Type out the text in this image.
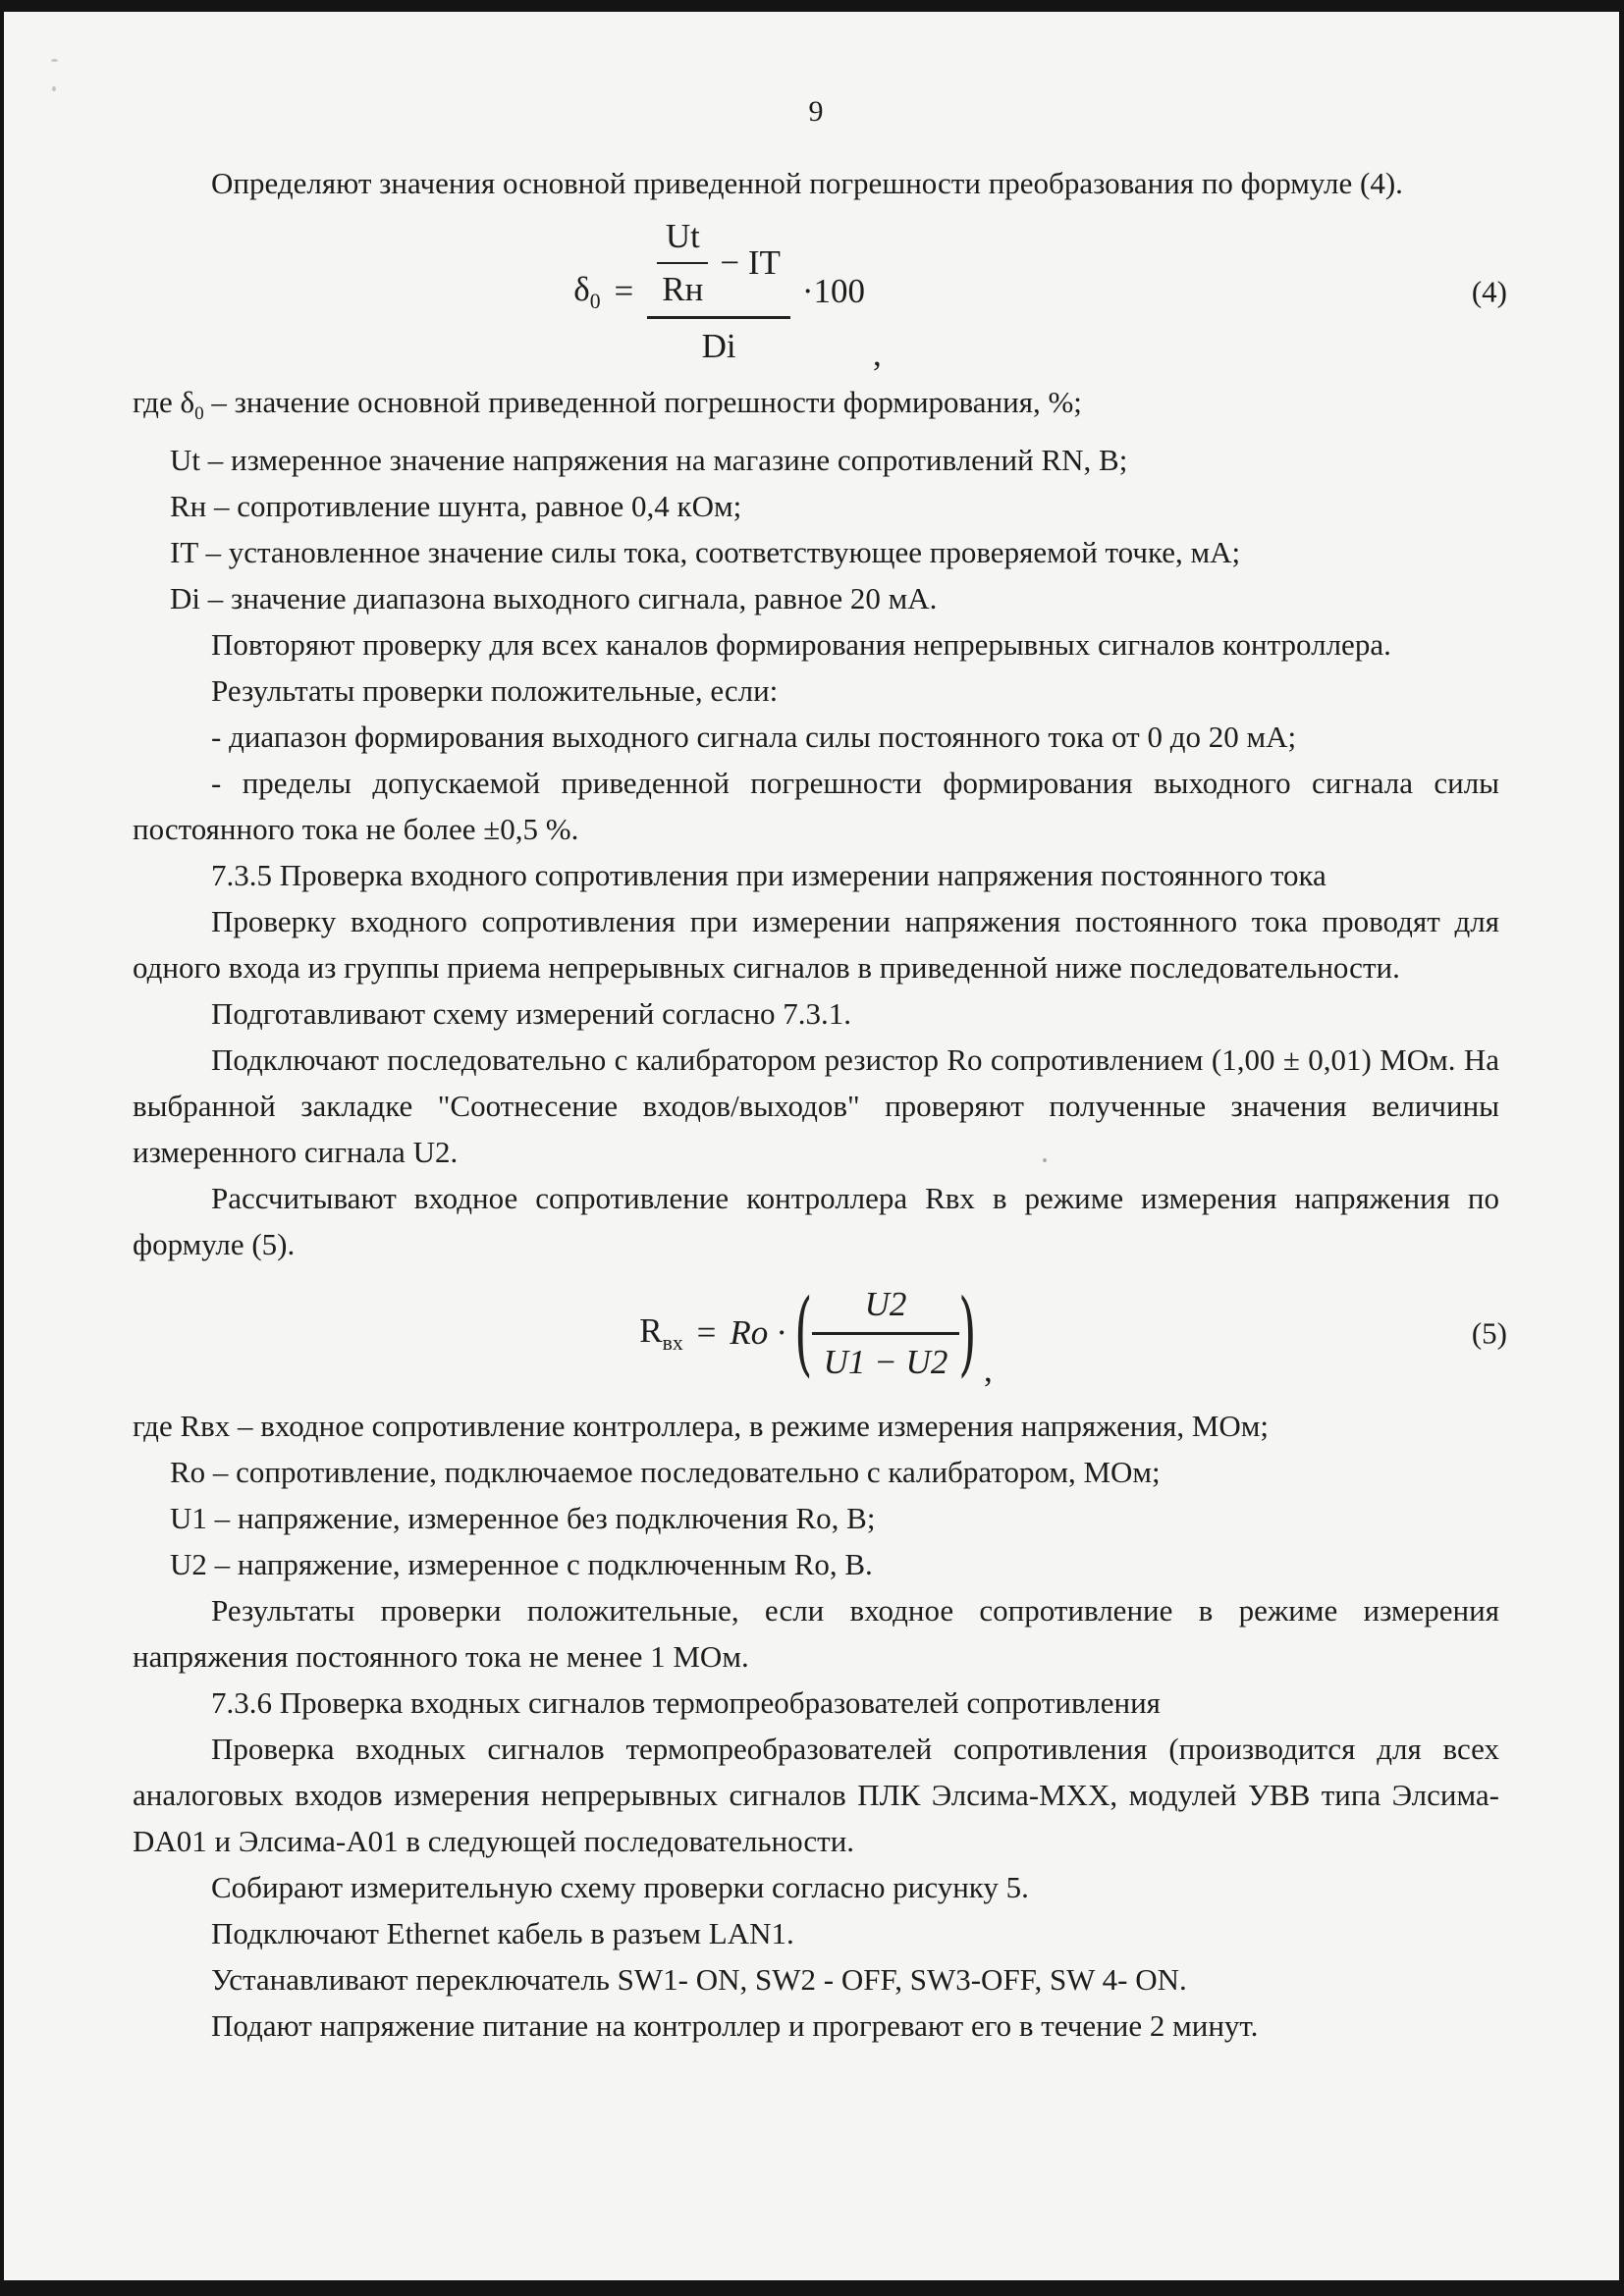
9

Определяют значения основной приведенной погрешности преобразования по формуле (4).

$\delta_0 = \frac{\frac{Ut}{Rн} - IT}{Di} \cdot 100$
,
(4)

где $\delta_0$ – значение основной приведенной погрешности формирования, %;

Ut – измеренное значение напряжения на магазине сопротивлений RN, В;

Rн – сопротивление шунта, равное 0,4 кОм;

IT – установленное значение силы тока, соответствующее проверяемой точке, мА;

Di – значение диапазона выходного сигнала, равное 20 мА.

Повторяют проверку для всех каналов формирования непрерывных сигналов контроллера.

Результаты проверки положительные, если:

- диапазон формирования выходного сигнала силы постоянного тока от 0 до 20 мА;

- пределы допускаемой приведенной погрешности формирования выходного сигнала силы постоянного тока не более ±0,5 %.

7.3.5 Проверка входного сопротивления при измерении напряжения постоянного тока

Проверку входного сопротивления при измерении напряжения постоянного тока проводят для одного входа из группы приема непрерывных сигналов в приведенной ниже последовательности.

Подготавливают схему измерений согласно 7.3.1.

Подключают последовательно с калибратором резистор Ro сопротивлением (1,00 ± 0,01) МОм. На выбранной закладке "Соотнесение входов/выходов" проверяют полученные значения величины измеренного сигнала U2.

Рассчитывают входное сопротивление контроллера Rвх в режиме измерения напряжения по формуле (5).

$R_{вх} = Ro$ · ( $\frac{U2}{U1 - U2}$ ) ,
(5)

где Rвх – входное сопротивление контроллера, в режиме измерения напряжения, МОм;

Ro – сопротивление, подключаемое последовательно с калибратором, МОм;

U1 – напряжение, измеренное без подключения Ro, В;

U2 – напряжение, измеренное с подключенным Ro, В.

Результаты проверки положительные, если входное сопротивление в режиме измерения напряжения постоянного тока не менее 1 МОм.

7.3.6 Проверка входных сигналов термопреобразователей сопротивления

Проверка входных сигналов термопреобразователей сопротивления (производится для всех аналоговых входов измерения непрерывных сигналов ПЛК Элсима-МХХ, модулей УВВ типа Элсима-DA01 и Элсима-А01 в следующей последовательности.

Собирают измерительную схему проверки согласно рисунку 5.

Подключают Ethernet кабель в разъем LAN1.

Устанавливают переключатель SW1- ON, SW2 - OFF, SW3-OFF, SW 4- ON.

Подают напряжение питание на контроллер и прогревают его в течение 2 минут.
